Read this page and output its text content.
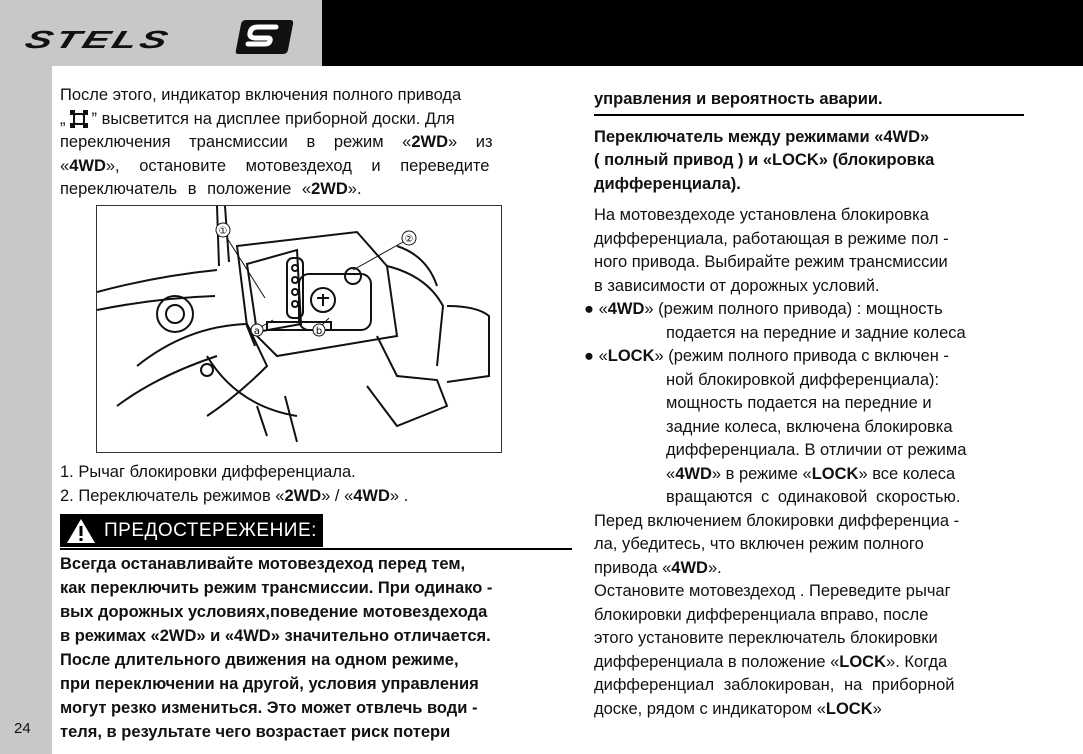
STELS
24

После этого, индикатор включения полного привода

„ ” высветится на дисплее приборной доски. Для

переключения трансмиссии в режим «2WD» из

«4WD», остановите мотовездеход и переведите

переключатель в положение «2WD».

①
②
a	b
1. Рычаг блокировки дифференциала.
2. Переключатель режимов «2WD» / «4WD» .
ПРЕДОСТЕРЕЖЕНИЕ:

Всегда останавливайте мотовездеход перед тем,

как переключить режим трансмиссии. При одинако -

вых дорожных условиях,поведение мотовездехода

в режимах «2WD» и «4WD» значительно отличается.

После длительного движения на одном режиме,

при переключении на другой, условия управления

могут резко измениться. Это может отвлечь води -

теля, в результате чего возрастает риск потери

управления и вероятность аварии.

Переключатель между режимами «4WD»

( полный привод ) и «LOCK» (блокировка

дифференциала).

На мотовездеходе установлена блокировка

дифференциала, работающая в режиме пол -

ного привода. Выбирайте режим трансмиссии

в зависимости от дорожных условий.

● «4WD» (режим полного привода) : мощность

подается на передние и задние колеса

● «LOCK» (режим полного привода с включен -

ной блокировкой дифференциала):

мощность подается на передние и

задние колеса, включена блокировка

дифференциала. В отличии от режима

«4WD» в режиме «LOCK» все колеса

вращаются с одинаковой скоростью.

Перед включением блокировки дифференциа -

ла, убедитесь, что включен режим полного

привода «4WD».

Остановите мотовездеход . Переведите рычаг

блокировки дифференциала вправо, после

этого установите переключатель блокировки

дифференциала в положение «LOCK». Когда

дифференциал заблокирован, на приборной

доске, рядом с индикатором «LOCK»
